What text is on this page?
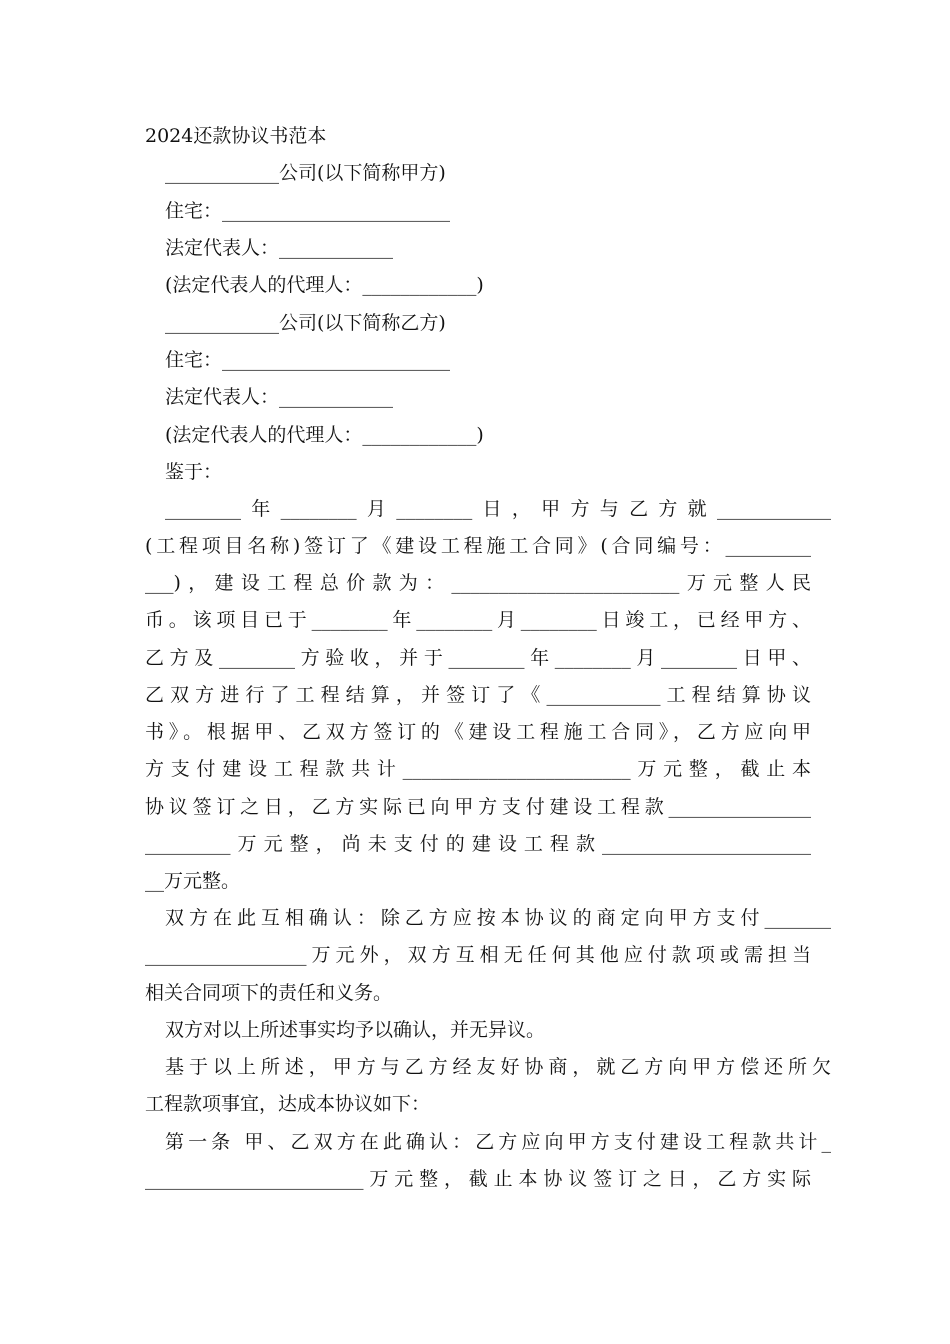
2024还款协议书范本
____________公司(以下简称甲方)
住宅：________________________
法定代表人：____________
(法定代表人的代理人：____________)
____________公司(以下简称乙方)
住宅：________________________
法定代表人：____________
(法定代表人的代理人：____________)
鉴于：
________年________月________日，甲方与乙方就____________
(工程项目名称)签订了《建设工程施工合同》(合同编号：_________
___)，建设工程总价款为：________________________万元整人民
币。该项目已于________年________月________日竣工，已经甲方、
乙方及________方验收，并于________年________月________日甲、
乙双方进行了工程结算，并签订了《____________工程结算协议
书》。根据甲、乙双方签订的《建设工程施工合同》，乙方应向甲
方支付建设工程款共计________________________万元整，截止本
协议签订之日，乙方实际已向甲方支付建设工程款_______________
_________万元整，尚未支付的建设工程款______________________
__万元整。
双方在此互相确认：除乙方应按本协议的商定向甲方支付_______
_________________万元外，双方互相无任何其他应付款项或需担当
相关合同项下的责任和义务。
双方对以上所述事实均予以确认，并无异议。
基于以上所述，甲方与乙方经友好协商，就乙方向甲方偿还所欠
工程款项事宜，达成本协议如下：
第一条 甲、乙双方在此确认：乙方应向甲方支付建设工程款共计_
_______________________万元整，截止本协议签订之日，乙方实际
